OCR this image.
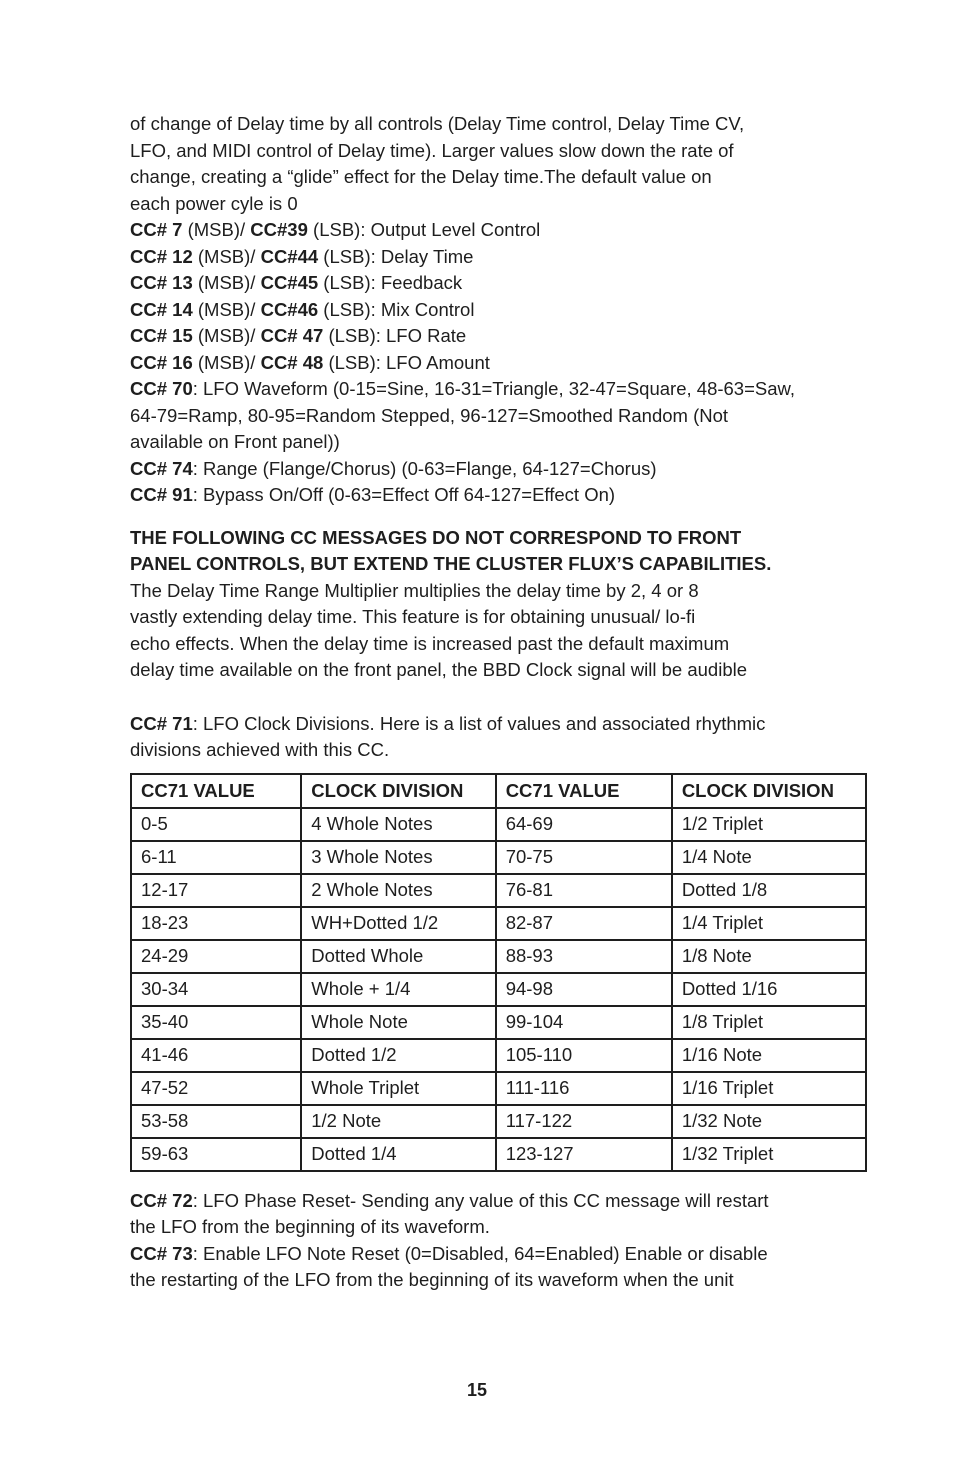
of change of Delay time by all controls (Delay Time control, Delay Time CV,
LFO, and MIDI control of Delay time). Larger values slow down the rate of
change, creating a “glide” effect for the Delay time.The default value on
each power cyle is 0

CC# 7 (MSB)/ CC#39 (LSB): Output Level Control

CC# 12 (MSB)/ CC#44 (LSB): Delay Time

CC# 13 (MSB)/ CC#45 (LSB): Feedback

CC# 14 (MSB)/ CC#46 (LSB): Mix Control

CC# 15 (MSB)/ CC# 47 (LSB): LFO Rate

CC# 16 (MSB)/ CC# 48 (LSB): LFO Amount

CC# 70: LFO Waveform (0-15=Sine, 16-31=Triangle, 32-47=Square, 48-63=Saw,
64-79=Ramp, 80-95=Random Stepped, 96-127=Smoothed Random (Not
available on Front panel))

CC# 74: Range (Flange/Chorus) (0-63=Flange, 64-127=Chorus)

CC# 91: Bypass On/Off (0-63=Effect Off 64-127=Effect On)

THE FOLLOWING CC MESSAGES DO NOT CORRESPOND TO FRONT
PANEL CONTROLS, BUT EXTEND THE CLUSTER FLUX’S CAPABILITIES.

The Delay Time Range Multiplier multiplies the delay time by 2, 4 or 8
vastly extending delay time. This feature is for obtaining unusual/ lo-fi
echo effects. When the delay time is increased past the default maximum
delay time available on the front panel, the BBD Clock signal will be audible

CC# 71: LFO Clock Divisions. Here is a list of values and associated rhythmic
divisions achieved with this CC.

CC71 VALUE	CLOCK DIVISION	CC71 VALUE	CLOCK DIVISION
0-5	4 Whole Notes	64-69	1/2 Triplet
6-11	3 Whole Notes	70-75	1/4 Note
12-17	2 Whole Notes	76-81	Dotted 1/8
18-23	WH+Dotted 1/2	82-87	1/4 Triplet
24-29	Dotted Whole	88-93	1/8 Note
30-34	Whole + 1/4	94-98	Dotted 1/16
35-40	Whole Note	99-104	1/8 Triplet
41-46	Dotted 1/2	105-110	1/16 Note
47-52	Whole Triplet	111-116	1/16 Triplet
53-58	1/2 Note	117-122	1/32 Note
59-63	Dotted 1/4	123-127	1/32 Triplet

CC# 72: LFO Phase Reset- Sending any value of this CC message will restart
the LFO from the beginning of its waveform.

CC# 73: Enable LFO Note Reset (0=Disabled, 64=Enabled) Enable or disable
the restarting of the LFO from the beginning of its waveform when the unit

15
